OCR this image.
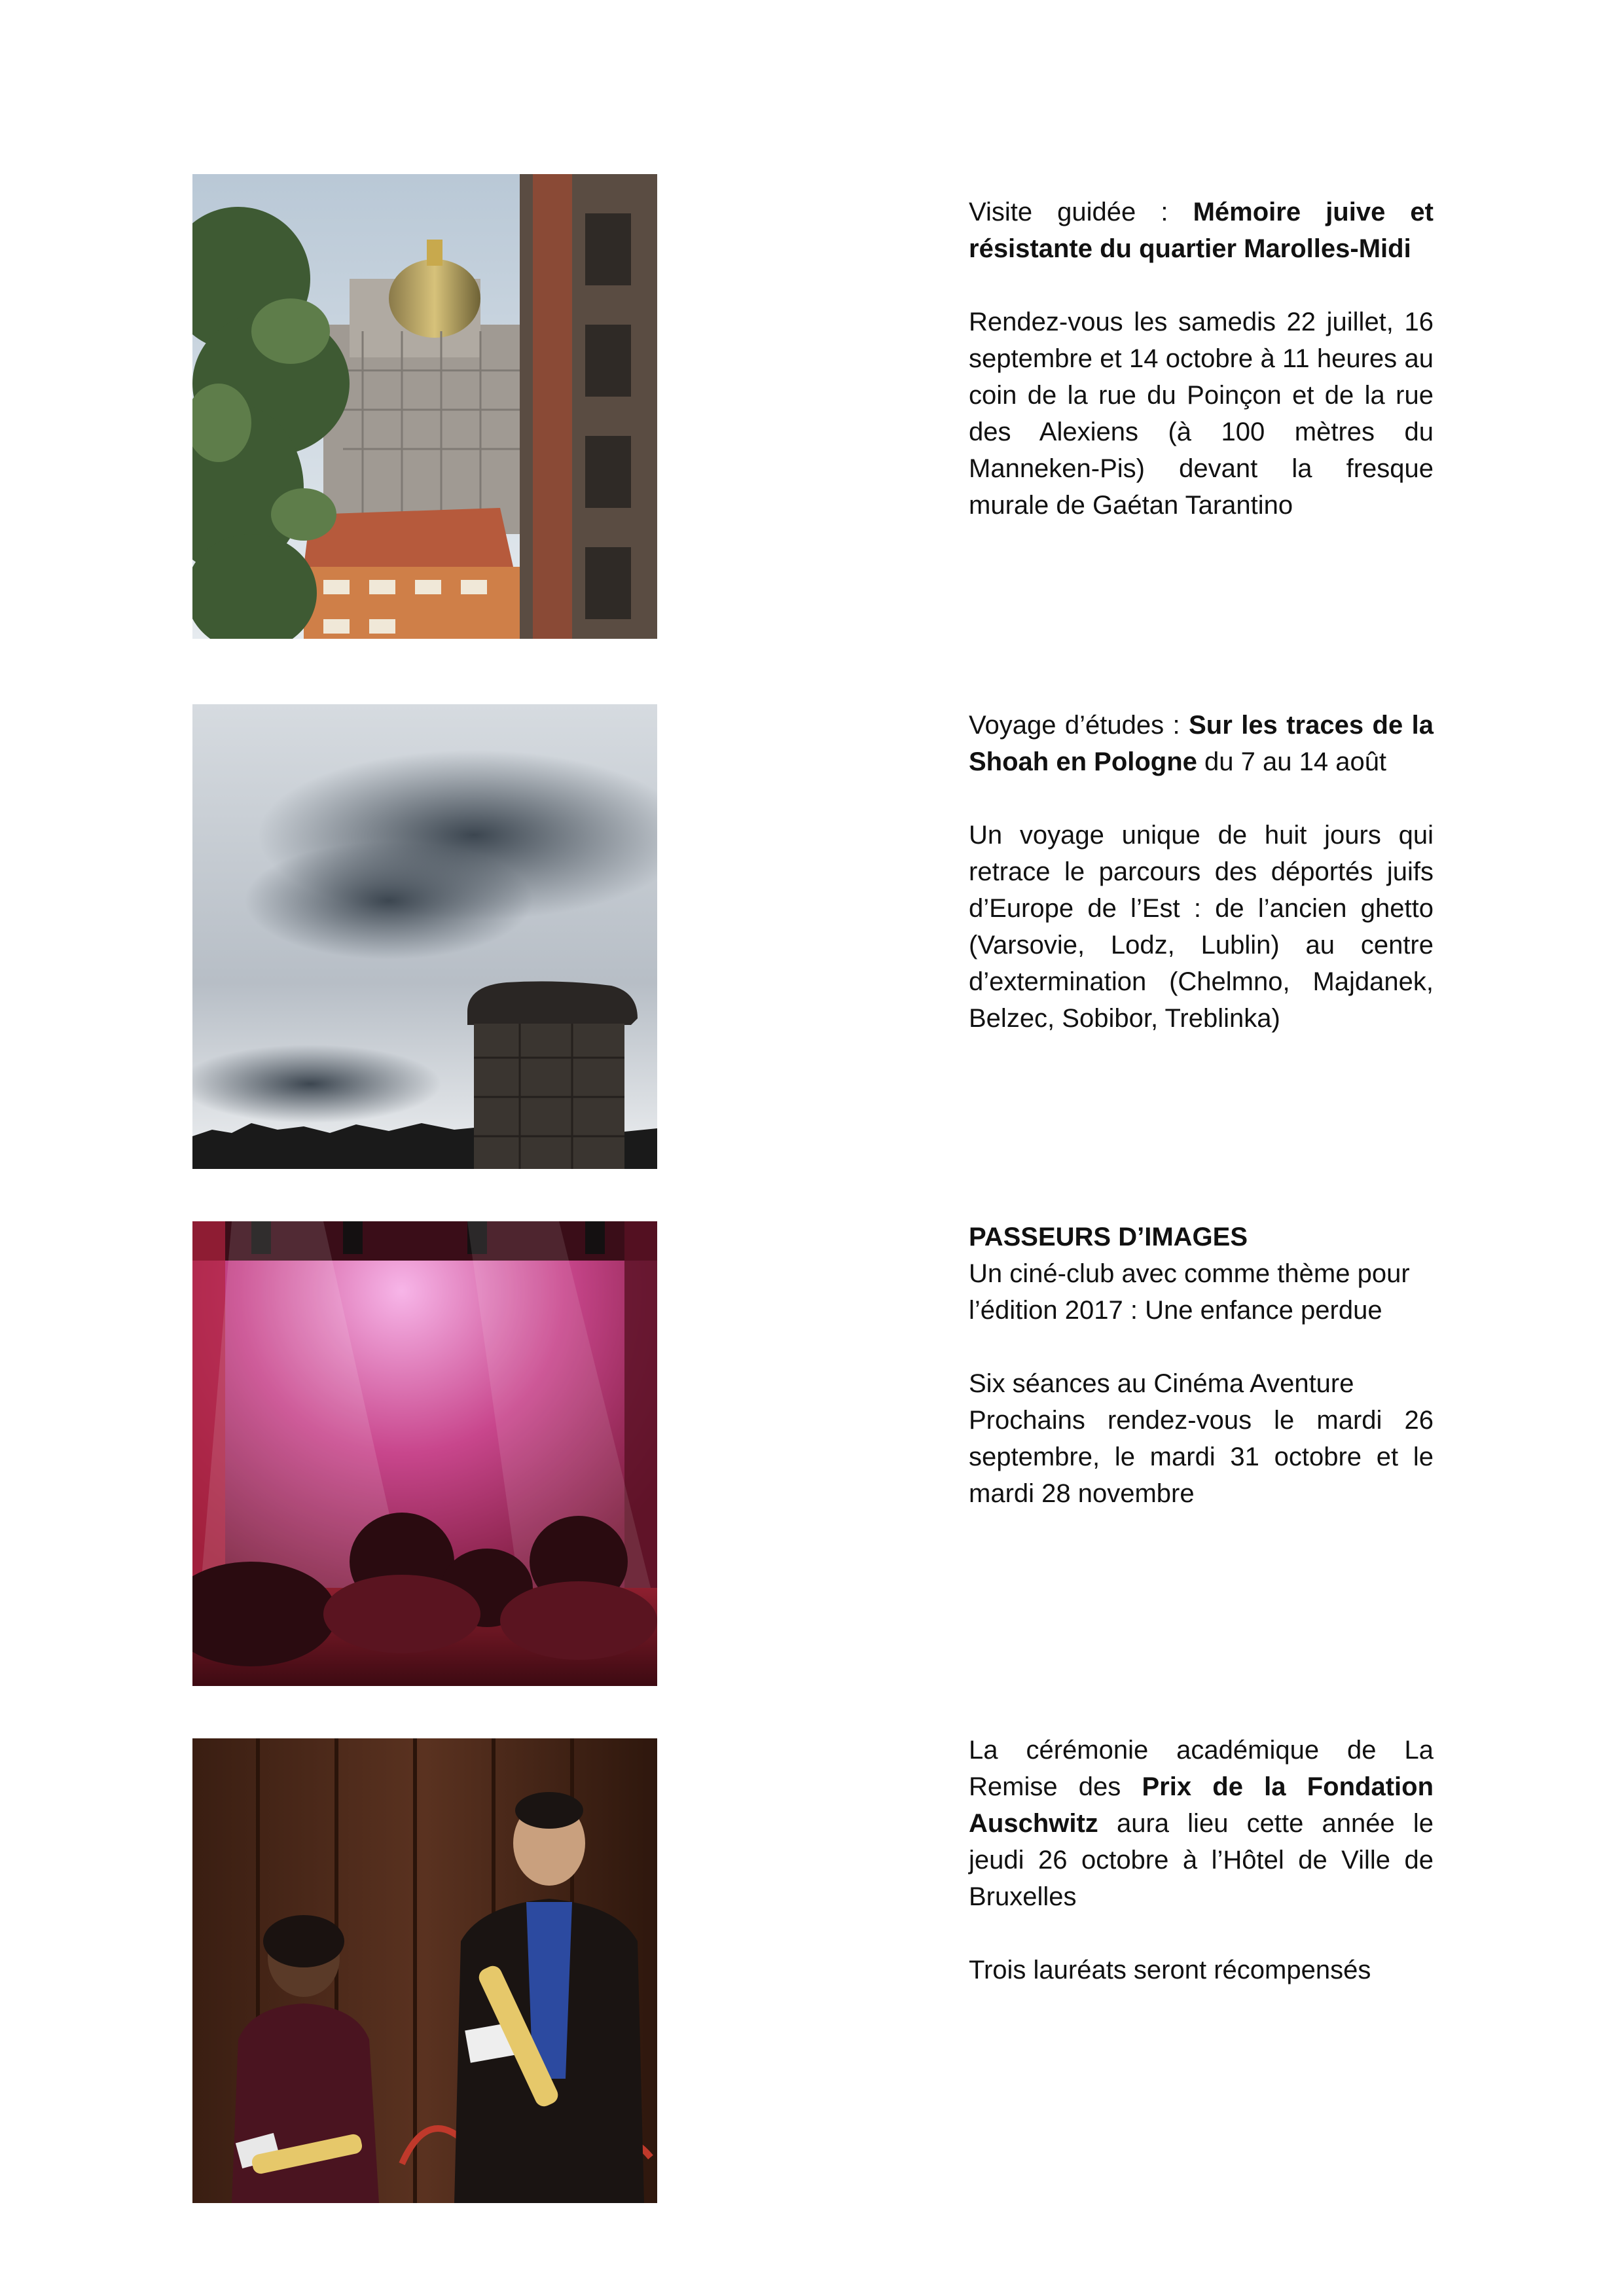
Visite guidée : Mémoire juive et résistante du quartier Marolles-Midi

Rendez-vous les samedis 22 juillet, 16 septembre et 14 octobre à 11 heures au coin de la rue du Poinçon et de la rue des Alexiens (à 100 mètres du Manneken-Pis) devant la fresque murale de Gaétan Tarantino

Voyage d’études : Sur les traces de la Shoah en Pologne du 7 au 14 août

Un voyage unique de huit jours qui retrace le parcours des déportés juifs d’Europe de l’Est : de l’ancien ghetto (Varsovie, Lodz, Lublin) au centre d’extermination (Chelmno, Majdanek, Belzec, Sobibor, Treblinka)

PASSEURS D’IMAGES
Un ciné-club avec comme thème pour l’édition 2017 : Une enfance perdue

Six séances au Cinéma Aventure
Prochains rendez-vous le mardi 26 septembre, le mardi 31 octobre et le mardi 28 novembre

La cérémonie académique de La Remise des Prix de la Fondation Auschwitz aura lieu cette année le jeudi 26 octobre à l’Hôtel de Ville de Bruxelles

Trois lauréats seront récompensés
